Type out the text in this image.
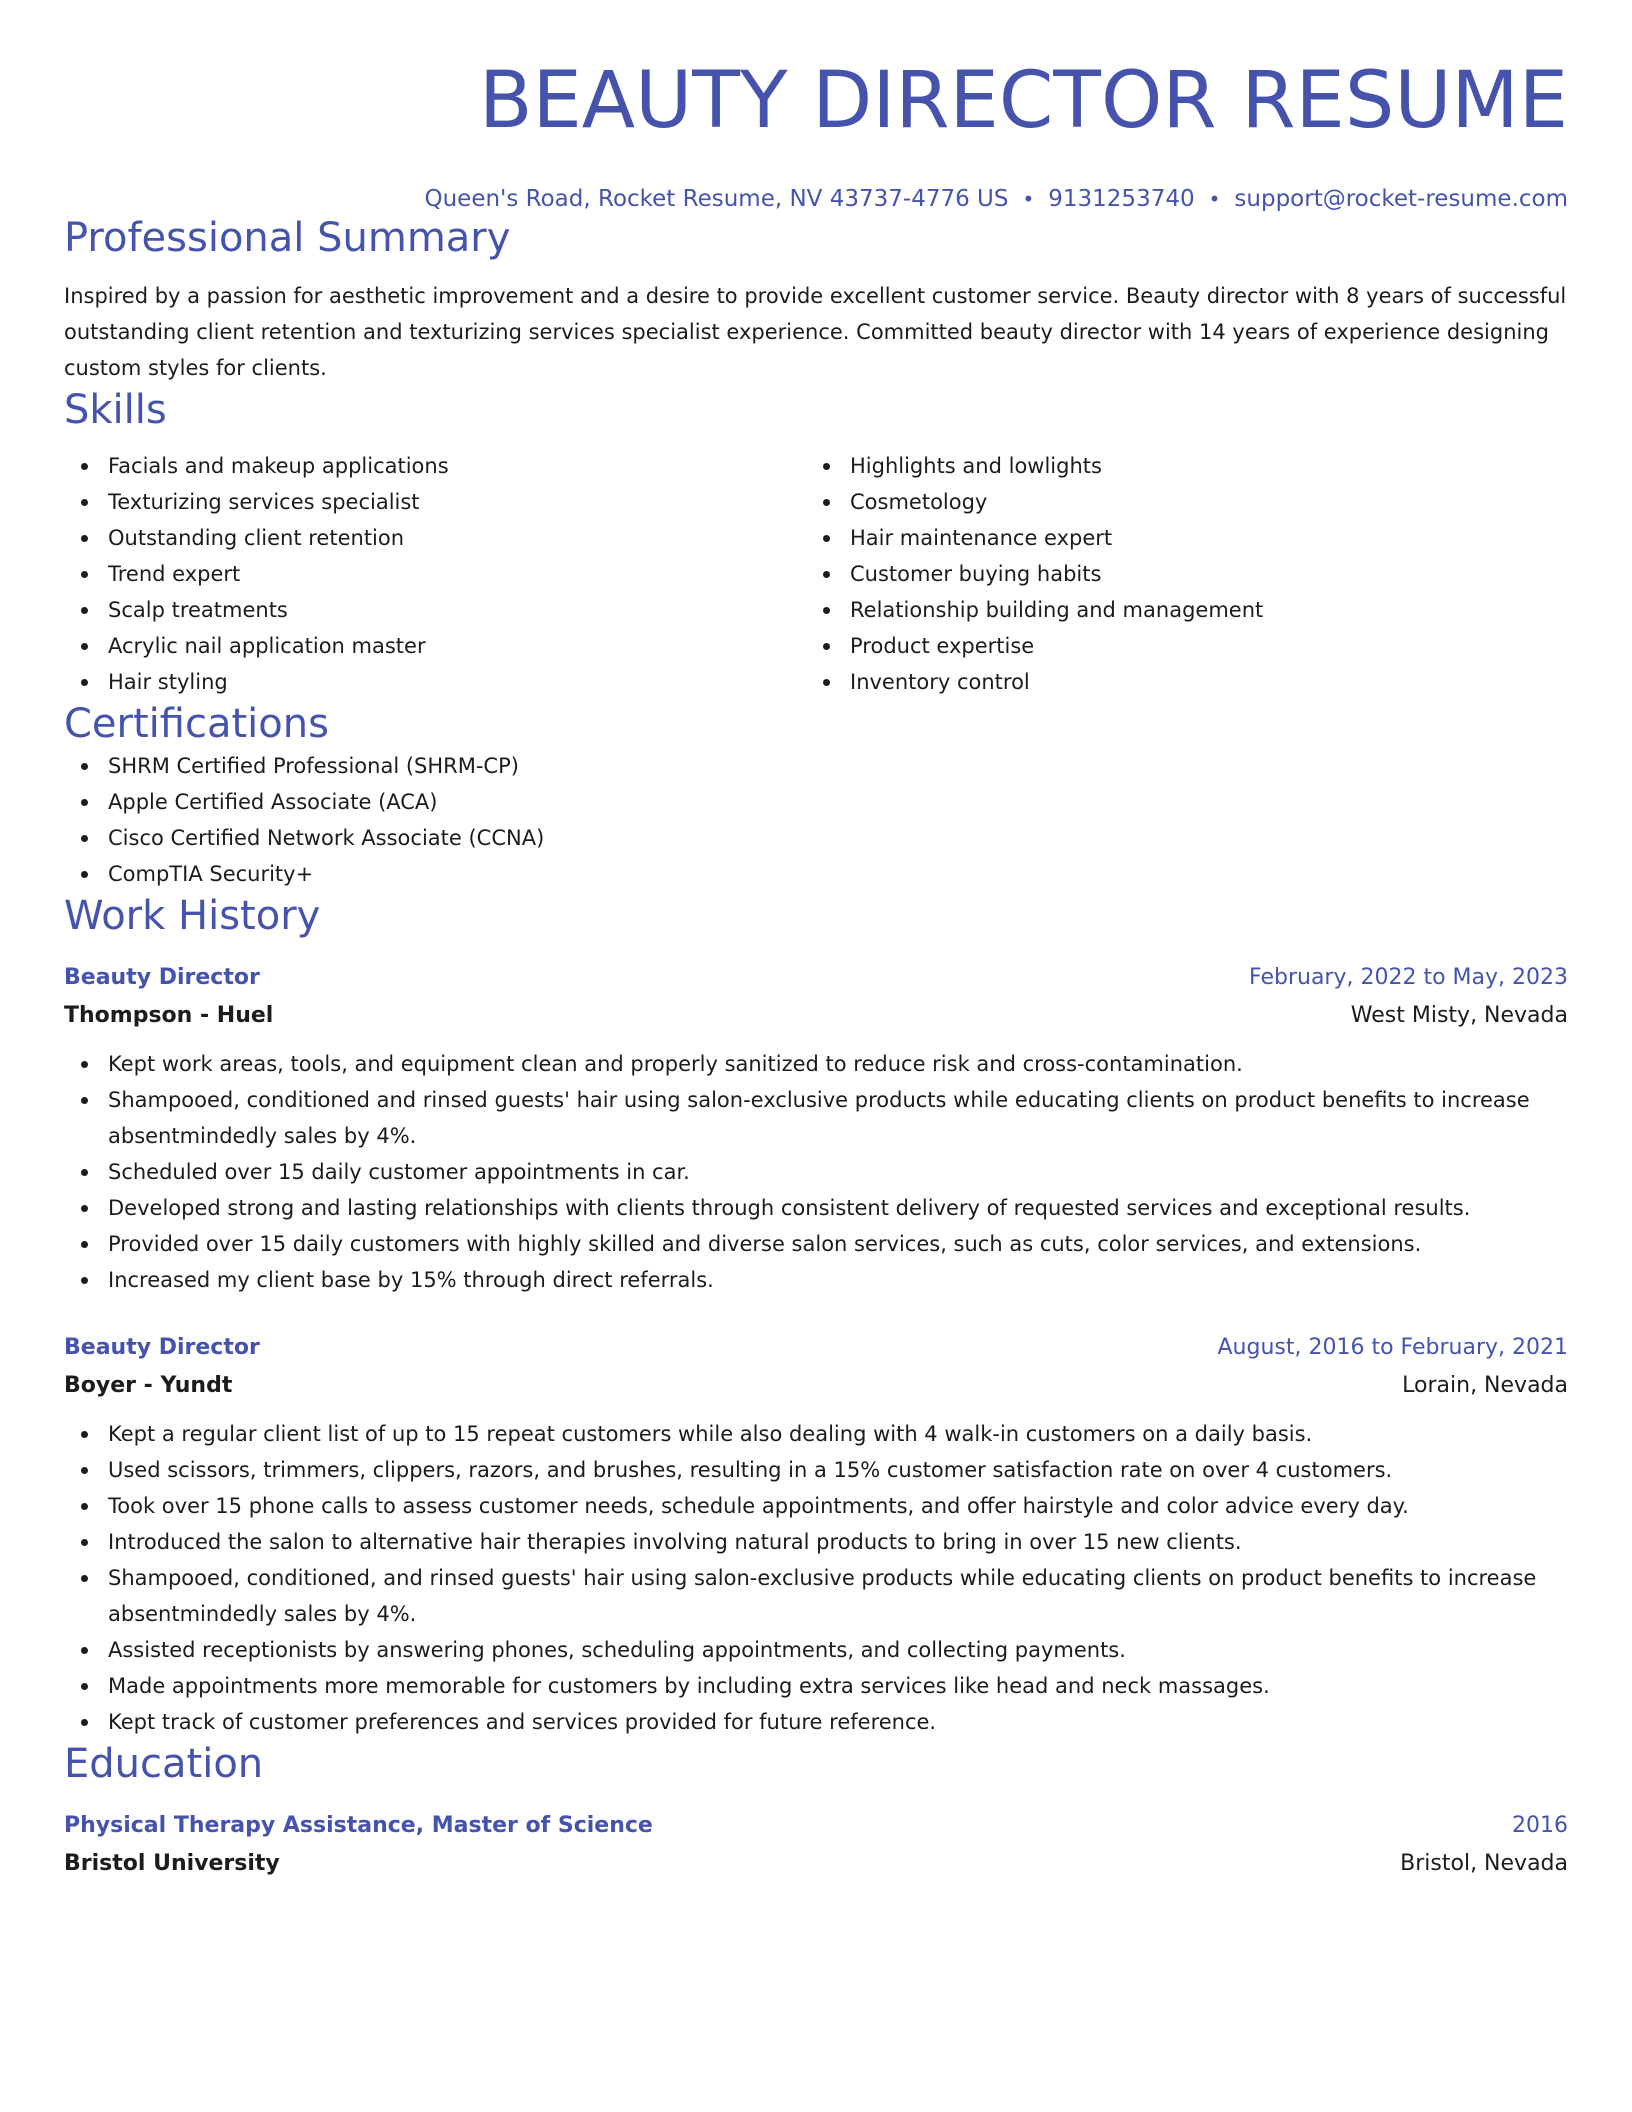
BEAUTY DIRECTOR RESUME
Queen's Road, Rocket Resume, NV 43737-4776 US • 9131253740 • support@rocket-resume.com
Professional Summary
Inspired by a passion for aesthetic improvement and a desire to provide excellent customer service. Beauty director with 8 years of successful outstanding client retention and texturizing services specialist experience. Committed beauty director with 14 years of experience designing custom styles for clients.
Skills
Facials and makeup applications
Texturizing services specialist
Outstanding client retention
Trend expert
Scalp treatments
Acrylic nail application master
Hair styling
Highlights and lowlights
Cosmetology
Hair maintenance expert
Customer buying habits
Relationship building and management
Product expertise
Inventory control
Certifications
SHRM Certified Professional (SHRM-CP)
Apple Certified Associate (ACA)
Cisco Certified Network Associate (CCNA)
CompTIA Security+
Work History
Beauty Director	February, 2022 to May, 2023
Thompson - Huel	West Misty, Nevada
Kept work areas, tools, and equipment clean and properly sanitized to reduce risk and cross-contamination.
Shampooed, conditioned and rinsed guests' hair using salon-exclusive products while educating clients on product benefits to increase absentmindedly sales by 4%.
Scheduled over 15 daily customer appointments in car.
Developed strong and lasting relationships with clients through consistent delivery of requested services and exceptional results.
Provided over 15 daily customers with highly skilled and diverse salon services, such as cuts, color services, and extensions.
Increased my client base by 15% through direct referrals.
Beauty Director	August, 2016 to February, 2021
Boyer - Yundt	Lorain, Nevada
Kept a regular client list of up to 15 repeat customers while also dealing with 4 walk-in customers on a daily basis.
Used scissors, trimmers, clippers, razors, and brushes, resulting in a 15% customer satisfaction rate on over 4 customers.
Took over 15 phone calls to assess customer needs, schedule appointments, and offer hairstyle and color advice every day.
Introduced the salon to alternative hair therapies involving natural products to bring in over 15 new clients.
Shampooed, conditioned, and rinsed guests' hair using salon-exclusive products while educating clients on product benefits to increase absentmindedly sales by 4%.
Assisted receptionists by answering phones, scheduling appointments, and collecting payments.
Made appointments more memorable for customers by including extra services like head and neck massages.
Kept track of customer preferences and services provided for future reference.
Education
Physical Therapy Assistance, Master of Science	2016
Bristol University	Bristol, Nevada
